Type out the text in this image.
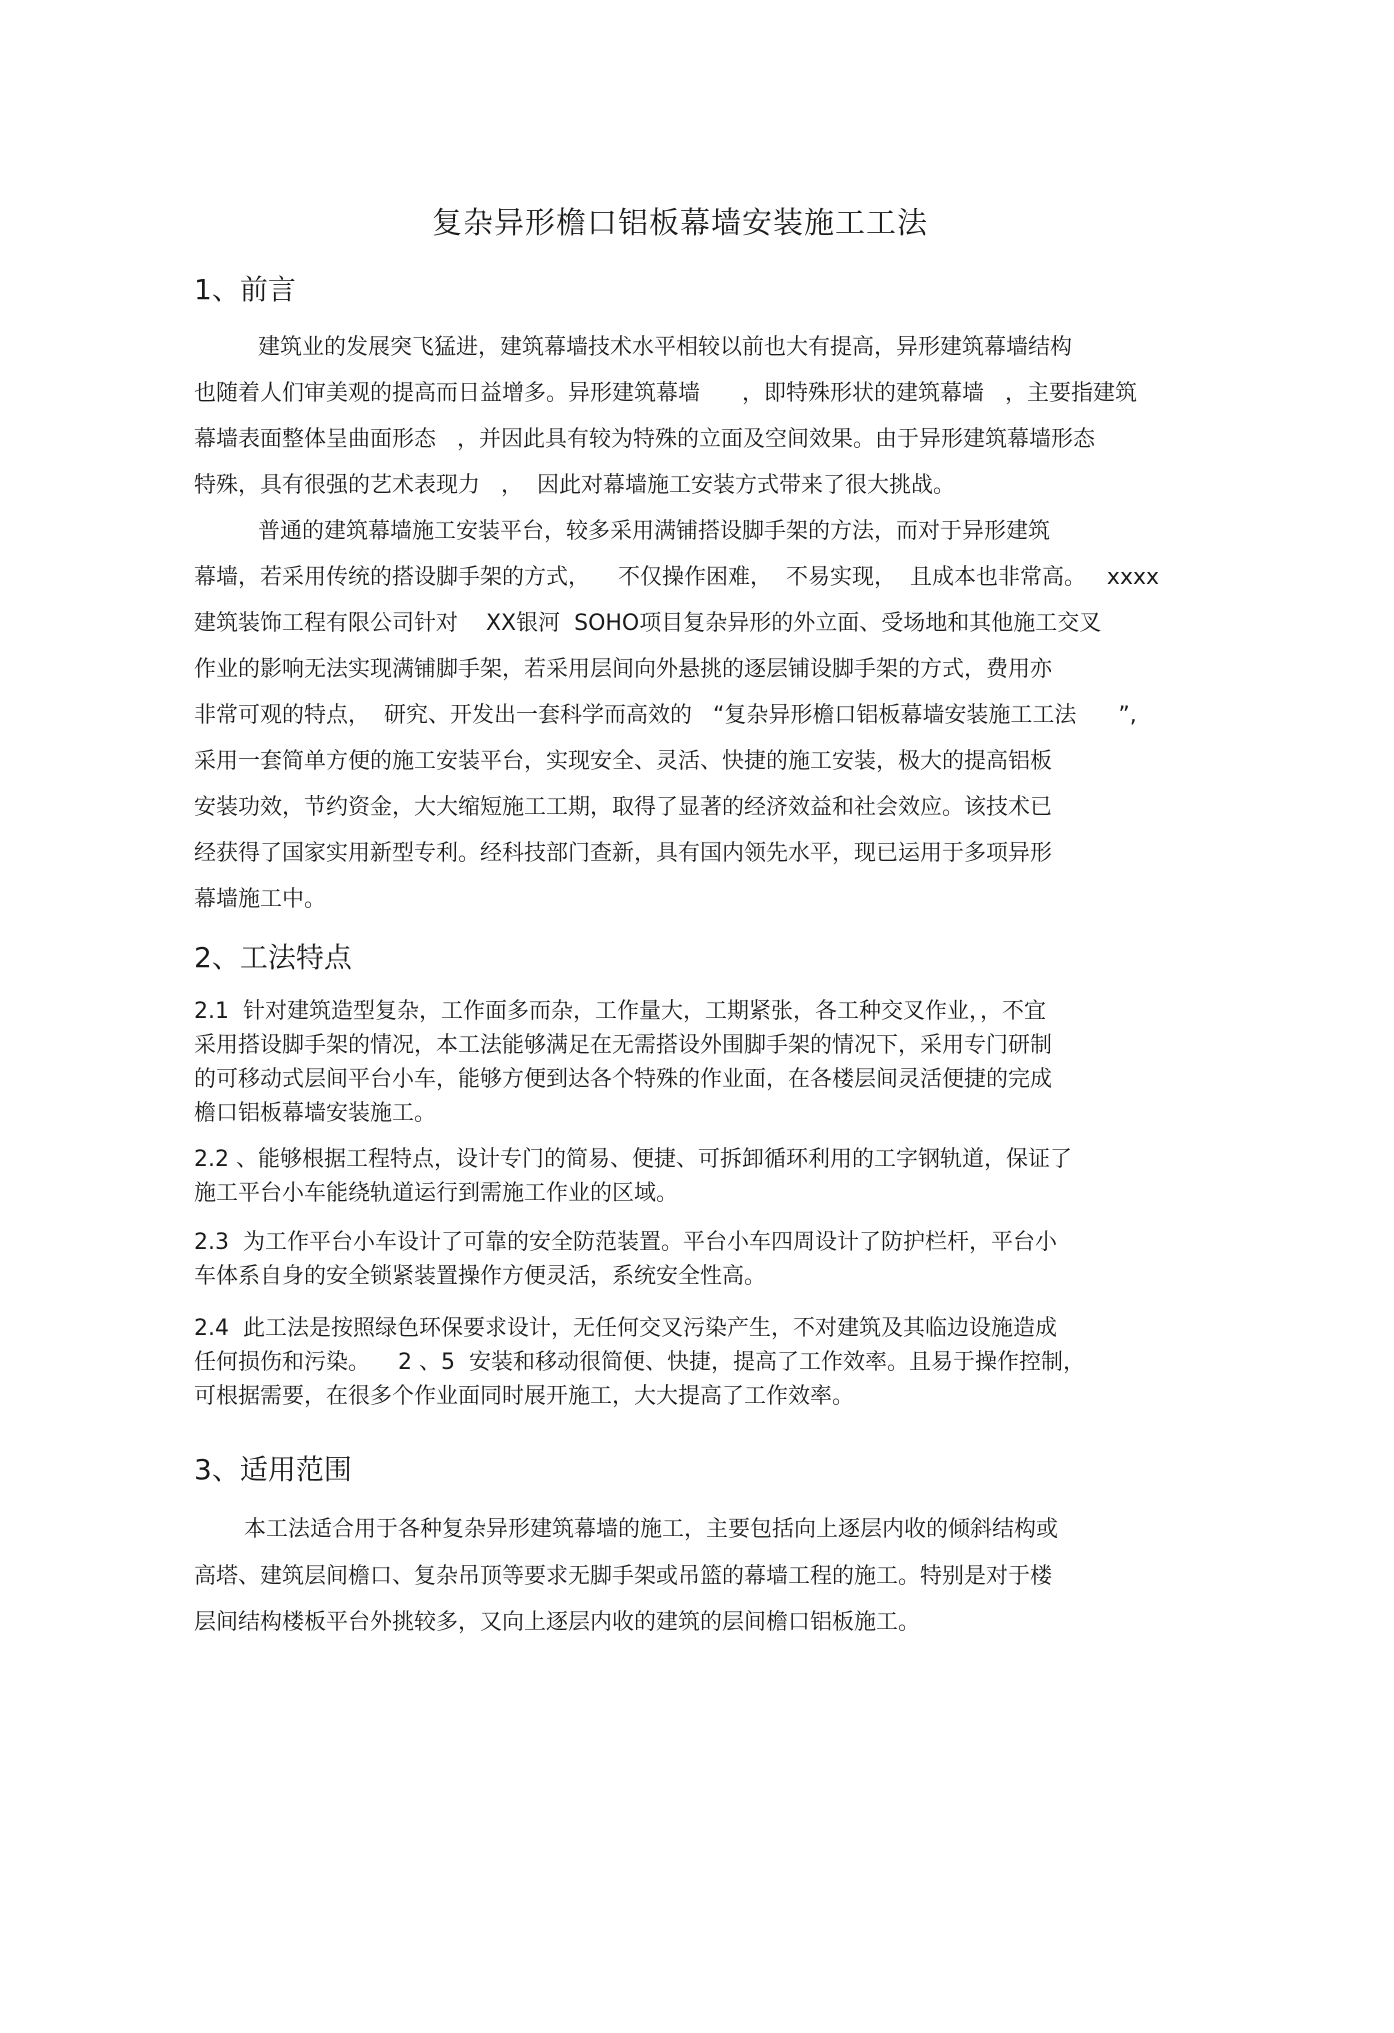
复杂异形檐口铝板幕墙安装施工工法
1、前言
建筑业的发展突飞猛进，建筑幕墙技术水平相较以前也大有提高，异形建筑幕墙结构
也随着人们审美观的提高而日益增多。异形建筑幕墙      ，即特殊形状的建筑幕墙   ，主要指建筑
幕墙表面整体呈曲面形态   ，并因此具有较为特殊的立面及空间效果。由于异形建筑幕墙形态
特殊，具有很强的艺术表现力   ，  因此对幕墙施工安装方式带来了很大挑战。
普通的建筑幕墙施工安装平台，较多采用满铺搭设脚手架的方法，而对于异形建筑
幕墙，若采用传统的搭设脚手架的方式，    不仅操作困难，  不易实现，  且成本也非常高。   xxxx
建筑装饰工程有限公司针对    XX银河  SOHO项目复杂异形的外立面、受场地和其他施工交叉
作业的影响无法实现满铺脚手架，若采用层间向外悬挑的逐层铺设脚手架的方式，费用亦
非常可观的特点，  研究、开发出一套科学而高效的   “复杂异形檐口铝板幕墙安装施工工法      ”,
采用一套简单方便的施工安装平台，实现安全、灵活、快捷的施工安装，极大的提高铝板
安装功效，节约资金，大大缩短施工工期，取得了显著的经济效益和社会效应。该技术已
经获得了国家实用新型专利。经科技部门查新，具有国内领先水平，现已运用于多项异形
幕墙施工中。
2、工法特点
2.1  针对建筑造型复杂，工作面多而杂，工作量大，工期紧张，各工种交叉作业，，不宜
采用搭设脚手架的情况，本工法能够满足在无需搭设外围脚手架的情况下，采用专门研制
的可移动式层间平台小车，能够方便到达各个特殊的作业面，在各楼层间灵活便捷的完成
檐口铝板幕墙安装施工。
2.2 、能够根据工程特点，设计专门的简易、便捷、可拆卸循环利用的工字钢轨道，保证了
施工平台小车能绕轨道运行到需施工作业的区域。
2.3  为工作平台小车设计了可靠的安全防范装置。平台小车四周设计了防护栏杆，平台小
车体系自身的安全锁紧装置操作方便灵活，系统安全性高。
2.4  此工法是按照绿色环保要求设计，无任何交叉污染产生，不对建筑及其临边设施造成
任何损伤和污染。    2 、5  安装和移动很简便、快捷，提高了工作效率。且易于操作控制，
可根据需要，在很多个作业面同时展开施工，大大提高了工作效率。
3、适用范围
本工法适合用于各种复杂异形建筑幕墙的施工，主要包括向上逐层内收的倾斜结构或
高塔、建筑层间檐口、复杂吊顶等要求无脚手架或吊篮的幕墙工程的施工。特别是对于楼
层间结构楼板平台外挑较多，又向上逐层内收的建筑的层间檐口铝板施工。
